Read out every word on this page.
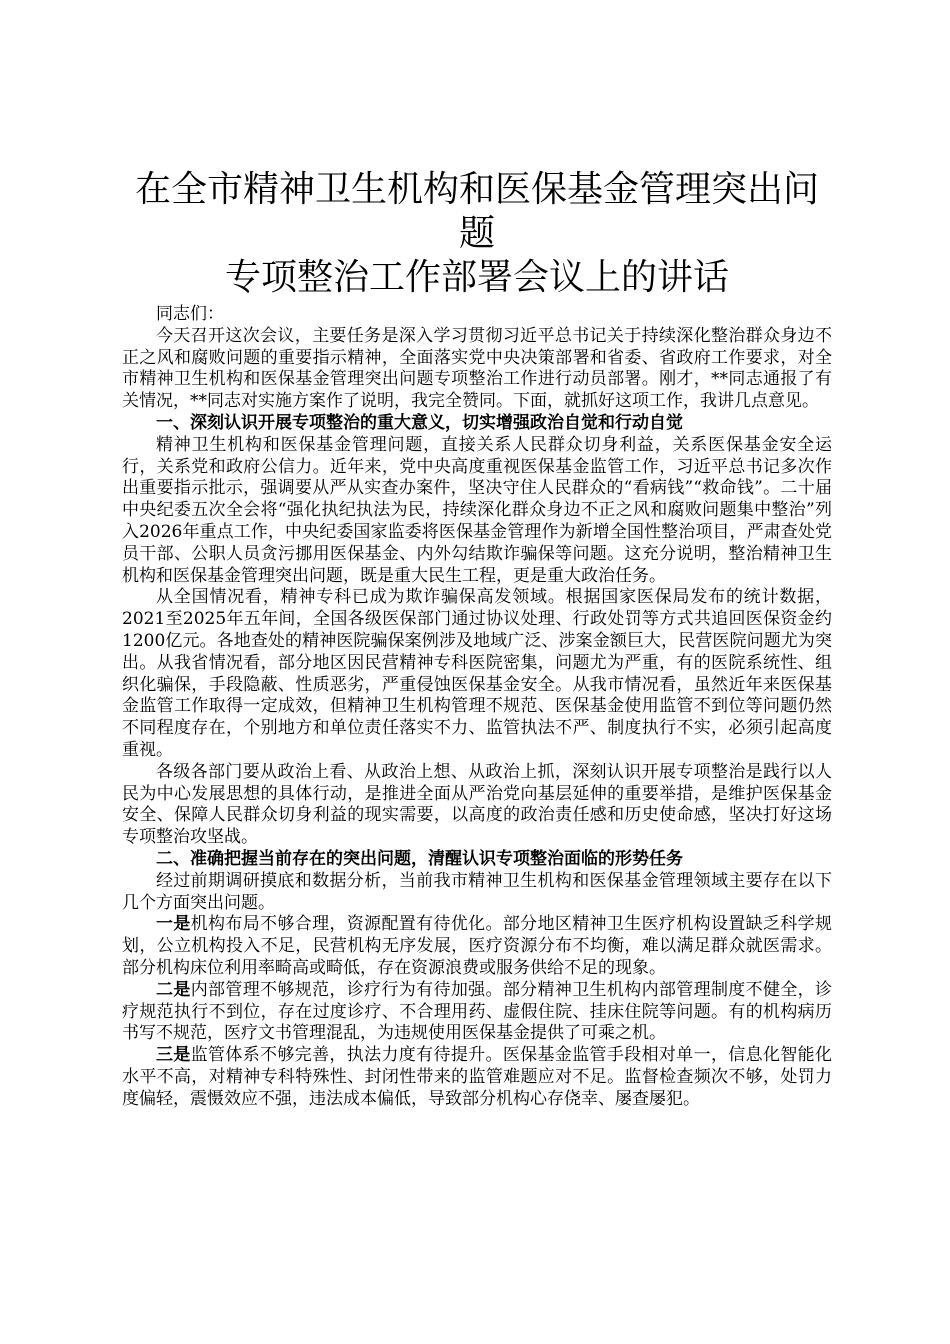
在全市精神卫生机构和医保基金管理突出问题
专项整治工作部署会议上的讲话

同志们：

今天召开这次会议，主要任务是深入学习贯彻习近平总书记关于持续深化整治群众身边不正之风和腐败问题的重要指示精神，全面落实党中央决策部署和省委、省政府工作要求，对全市精神卫生机构和医保基金管理突出问题专项整治工作进行动员部署。刚才，**同志通报了有关情况，**同志对实施方案作了说明，我完全赞同。下面，就抓好这项工作，我讲几点意见。

一、深刻认识开展专项整治的重大意义，切实增强政治自觉和行动自觉

精神卫生机构和医保基金管理问题，直接关系人民群众切身利益，关系医保基金安全运行，关系党和政府公信力。近年来，党中央高度重视医保基金监管工作，习近平总书记多次作出重要指示批示，强调要从严从实查办案件，坚决守住人民群众的“看病钱”“救命钱”。二十届中央纪委五次全会将“强化执纪执法为民，持续深化群众身边不正之风和腐败问题集中整治”列入2026年重点工作，中央纪委国家监委将医保基金管理作为新增全国性整治项目，严肃查处党员干部、公职人员贪污挪用医保基金、内外勾结欺诈骗保等问题。这充分说明，整治精神卫生机构和医保基金管理突出问题，既是重大民生工程，更是重大政治任务。

从全国情况看，精神专科已成为欺诈骗保高发领域。根据国家医保局发布的统计数据，2021至2025年五年间，全国各级医保部门通过协议处理、行政处罚等方式共追回医保资金约1200亿元。各地查处的精神医院骗保案例涉及地域广泛、涉案金额巨大，民营医院问题尤为突出。从我省情况看，部分地区因民营精神专科医院密集，问题尤为严重，有的医院系统性、组织化骗保，手段隐蔽、性质恶劣，严重侵蚀医保基金安全。从我市情况看，虽然近年来医保基金监管工作取得一定成效，但精神卫生机构管理不规范、医保基金使用监管不到位等问题仍然不同程度存在，个别地方和单位责任落实不力、监管执法不严、制度执行不实，必须引起高度重视。

各级各部门要从政治上看、从政治上想、从政治上抓，深刻认识开展专项整治是践行以人民为中心发展思想的具体行动，是推进全面从严治党向基层延伸的重要举措，是维护医保基金安全、保障人民群众切身利益的现实需要，以高度的政治责任感和历史使命感，坚决打好这场专项整治攻坚战。

二、准确把握当前存在的突出问题，清醒认识专项整治面临的形势任务

经过前期调研摸底和数据分析，当前我市精神卫生机构和医保基金管理领域主要存在以下几个方面突出问题。

一是机构布局不够合理，资源配置有待优化。部分地区精神卫生医疗机构设置缺乏科学规划，公立机构投入不足，民营机构无序发展，医疗资源分布不均衡，难以满足群众就医需求。部分机构床位利用率畸高或畸低，存在资源浪费或服务供给不足的现象。

二是内部管理不够规范，诊疗行为有待加强。部分精神卫生机构内部管理制度不健全，诊疗规范执行不到位，存在过度诊疗、不合理用药、虚假住院、挂床住院等问题。有的机构病历书写不规范，医疗文书管理混乱，为违规使用医保基金提供了可乘之机。

三是监管体系不够完善，执法力度有待提升。医保基金监管手段相对单一，信息化智能化水平不高，对精神专科特殊性、封闭性带来的监管难题应对不足。监督检查频次不够，处罚力度偏轻，震慑效应不强，违法成本偏低，导致部分机构心存侥幸、屡查屡犯。
